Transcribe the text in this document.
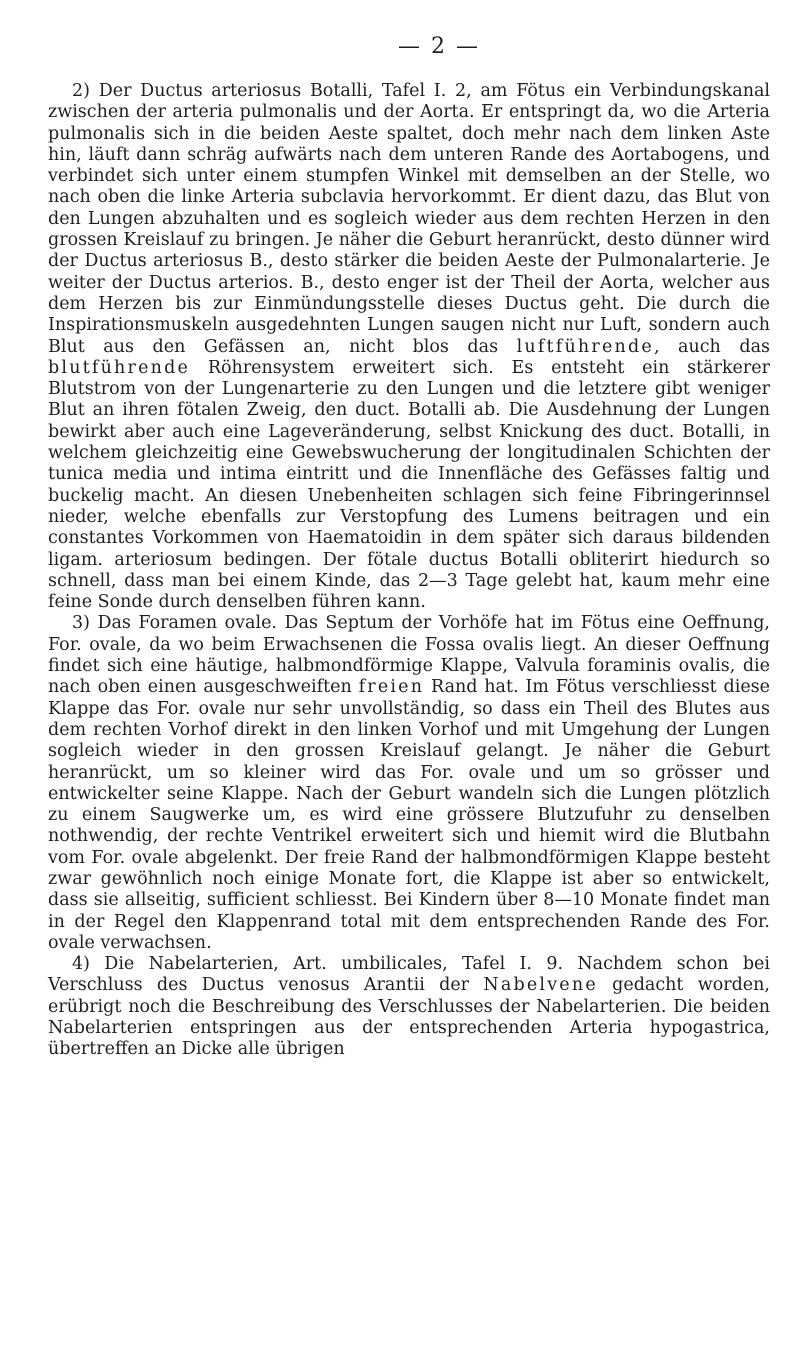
— 2 —

2) Der Ductus arteriosus Botalli, Tafel I. 2, am Fötus ein Verbindungskanal zwischen der arteria pulmonalis und der Aorta. Er entspringt da, wo die Arteria pulmonalis sich in die beiden Aeste spaltet, doch mehr nach dem linken Aste hin, läuft dann schräg aufwärts nach dem unteren Rande des Aortabogens, und verbindet sich unter einem stumpfen Winkel mit demselben an der Stelle, wo nach oben die linke Arteria subclavia hervorkommt. Er dient dazu, das Blut von den Lungen abzuhalten und es sogleich wieder aus dem rechten Herzen in den grossen Kreislauf zu bringen. Je näher die Geburt heranrückt, desto dünner wird der Ductus arteriosus B., desto stärker die beiden Aeste der Pulmonalarterie. Je weiter der Ductus arterios. B., desto enger ist der Theil der Aorta, welcher aus dem Herzen bis zur Einmündungsstelle dieses Ductus geht. Die durch die Inspirationsmuskeln ausgedehnten Lungen saugen nicht nur Luft, sondern auch Blut aus den Gefässen an, nicht blos das luftführende, auch das blutführende Röhrensystem erweitert sich. Es entsteht ein stärkerer Blutstrom von der Lungenarterie zu den Lungen und die letztere gibt weniger Blut an ihren fötalen Zweig, den duct. Botalli ab. Die Ausdehnung der Lungen bewirkt aber auch eine Lageveränderung, selbst Knickung des duct. Botalli, in welchem gleichzeitig eine Gewebswucherung der longitudinalen Schichten der tunica media und intima eintritt und die Innenfläche des Gefässes faltig und buckelig macht. An diesen Unebenheiten schlagen sich feine Fibringerinnsel nieder, welche ebenfalls zur Verstopfung des Lumens beitragen und ein constantes Vorkommen von Haematoidin in dem später sich daraus bildenden ligam. arteriosum bedingen. Der fötale ductus Botalli obliterirt hiedurch so schnell, dass man bei einem Kinde, das 2—3 Tage gelebt hat, kaum mehr eine feine Sonde durch denselben führen kann.

3) Das Foramen ovale. Das Septum der Vorhöfe hat im Fötus eine Oeffnung, For. ovale, da wo beim Erwachsenen die Fossa ovalis liegt. An dieser Oeffnung findet sich eine häutige, halbmondförmige Klappe, Valvula foraminis ovalis, die nach oben einen ausgeschweiften freien Rand hat. Im Fötus verschliesst diese Klappe das For. ovale nur sehr unvollständig, so dass ein Theil des Blutes aus dem rechten Vorhof direkt in den linken Vorhof und mit Umgehung der Lungen sogleich wieder in den grossen Kreislauf gelangt. Je näher die Geburt heranrückt, um so kleiner wird das For. ovale und um so grösser und entwickelter seine Klappe. Nach der Geburt wandeln sich die Lungen plötzlich zu einem Saugwerke um, es wird eine grössere Blutzufuhr zu denselben nothwendig, der rechte Ventrikel erweitert sich und hiemit wird die Blutbahn vom For. ovale abgelenkt. Der freie Rand der halbmondförmigen Klappe besteht zwar gewöhnlich noch einige Monate fort, die Klappe ist aber so entwickelt, dass sie allseitig, sufficient schliesst. Bei Kindern über 8—10 Monate findet man in der Regel den Klappenrand total mit dem entsprechenden Rande des For. ovale verwachsen.

4) Die Nabelarterien, Art. umbilicales, Tafel I. 9. Nachdem schon bei Verschluss des Ductus venosus Arantii der Nabelvene gedacht worden, erübrigt noch die Beschreibung des Verschlusses der Nabelarterien. Die beiden Nabelarterien entspringen aus der entsprechenden Arteria hypogastrica, übertreffen an Dicke alle übrigen
